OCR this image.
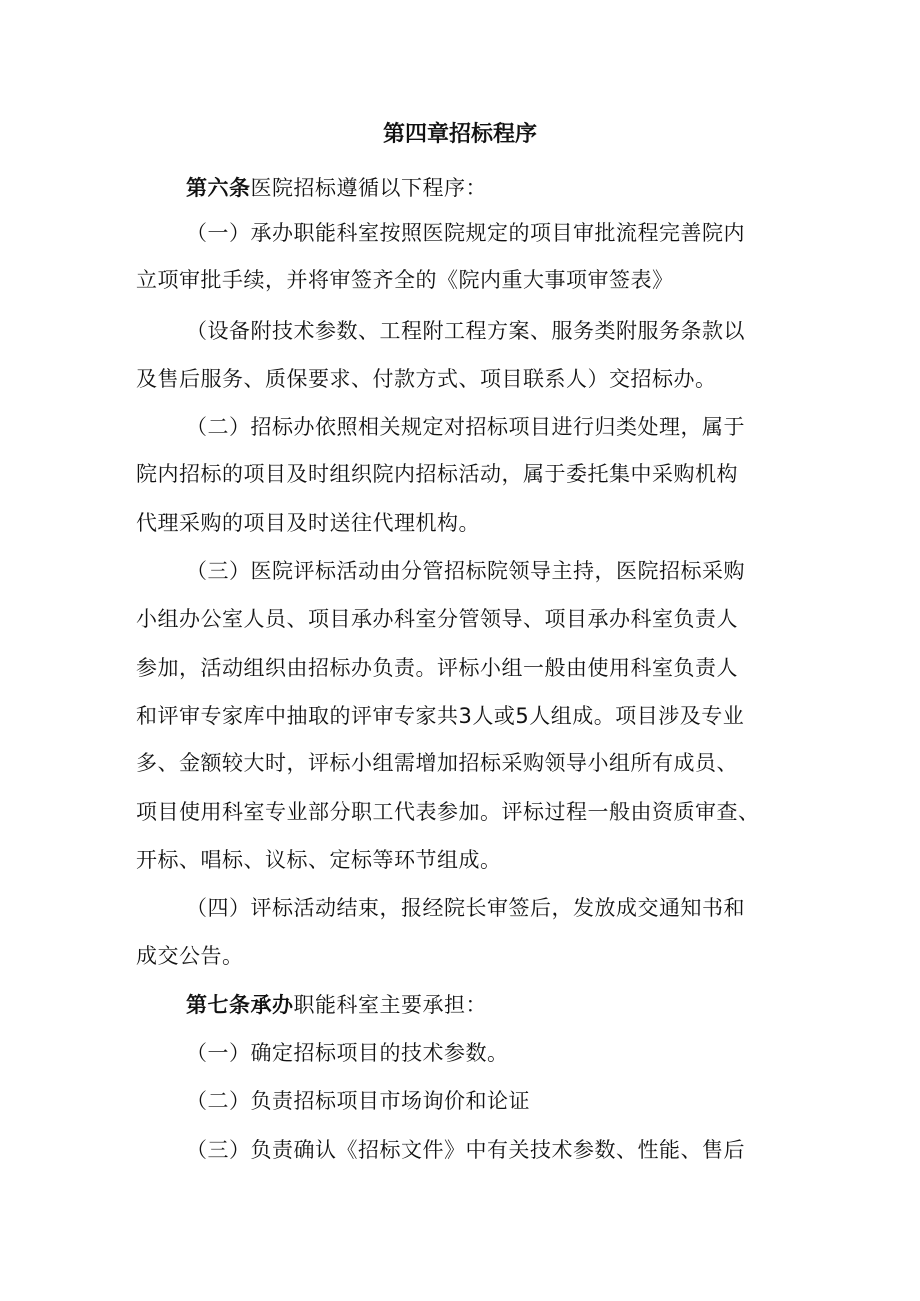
第四章招标程序

第六条医院招标遵循以下程序：

（一）承办职能科室按照医院规定的项目审批流程完善院内

立项审批手续，并将审签齐全的《院内重大事项审签表》

（设备附技术参数、工程附工程方案、服务类附服务条款以

及售后服务、质保要求、付款方式、项目联系人）交招标办。

（二）招标办依照相关规定对招标项目进行归类处理，属于

院内招标的项目及时组织院内招标活动，属于委托集中采购机构

代理采购的项目及时送往代理机构。

（三）医院评标活动由分管招标院领导主持，医院招标采购

小组办公室人员、项目承办科室分管领导、项目承办科室负责人

参加，活动组织由招标办负责。评标小组一般由使用科室负责人

和评审专家库中抽取的评审专家共3人或5人组成。项目涉及专业

多、金额较大时，评标小组需增加招标采购领导小组所有成员、

项目使用科室专业部分职工代表参加。评标过程一般由资质审查、

开标、唱标、议标、定标等环节组成。

（四）评标活动结束，报经院长审签后，发放成交通知书和

成交公告。

第七条承办职能科室主要承担：

（一）确定招标项目的技术参数。

（二）负责招标项目市场询价和论证

（三）负责确认《招标文件》中有关技术参数、性能、售后
